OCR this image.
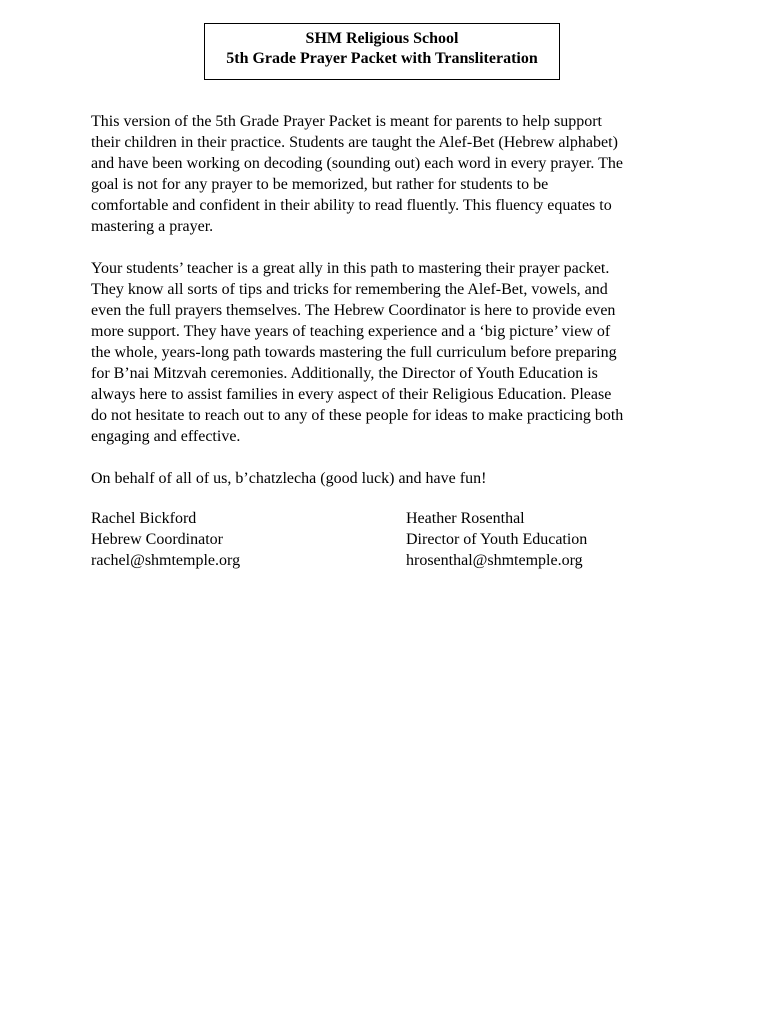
SHM Religious School
5th Grade Prayer Packet with Transliteration
This version of the 5th Grade Prayer Packet is meant for parents to help support
their children in their practice. Students are taught the Alef-Bet (Hebrew alphabet)
and have been working on decoding (sounding out) each word in every prayer. The
goal is not for any prayer to be memorized, but rather for students to be
comfortable and confident in their ability to read fluently. This fluency equates to
mastering a prayer.
Your students’ teacher is a great ally in this path to mastering their prayer packet.
They know all sorts of tips and tricks for remembering the Alef-Bet, vowels, and
even the full prayers themselves. The Hebrew Coordinator is here to provide even
more support. They have years of teaching experience and a ‘big picture’ view of
the whole, years-long path towards mastering the full curriculum before preparing
for B’nai Mitzvah ceremonies. Additionally, the Director of Youth Education is
always here to assist families in every aspect of their Religious Education. Please
do not hesitate to reach out to any of these people for ideas to make practicing both
engaging and effective.
On behalf of all of us, b’chatzlecha (good luck) and have fun!
Rachel Bickford
Hebrew Coordinator
rachel@shmtemple.org
Heather Rosenthal
Director of Youth Education
hrosenthal@shmtemple.org
